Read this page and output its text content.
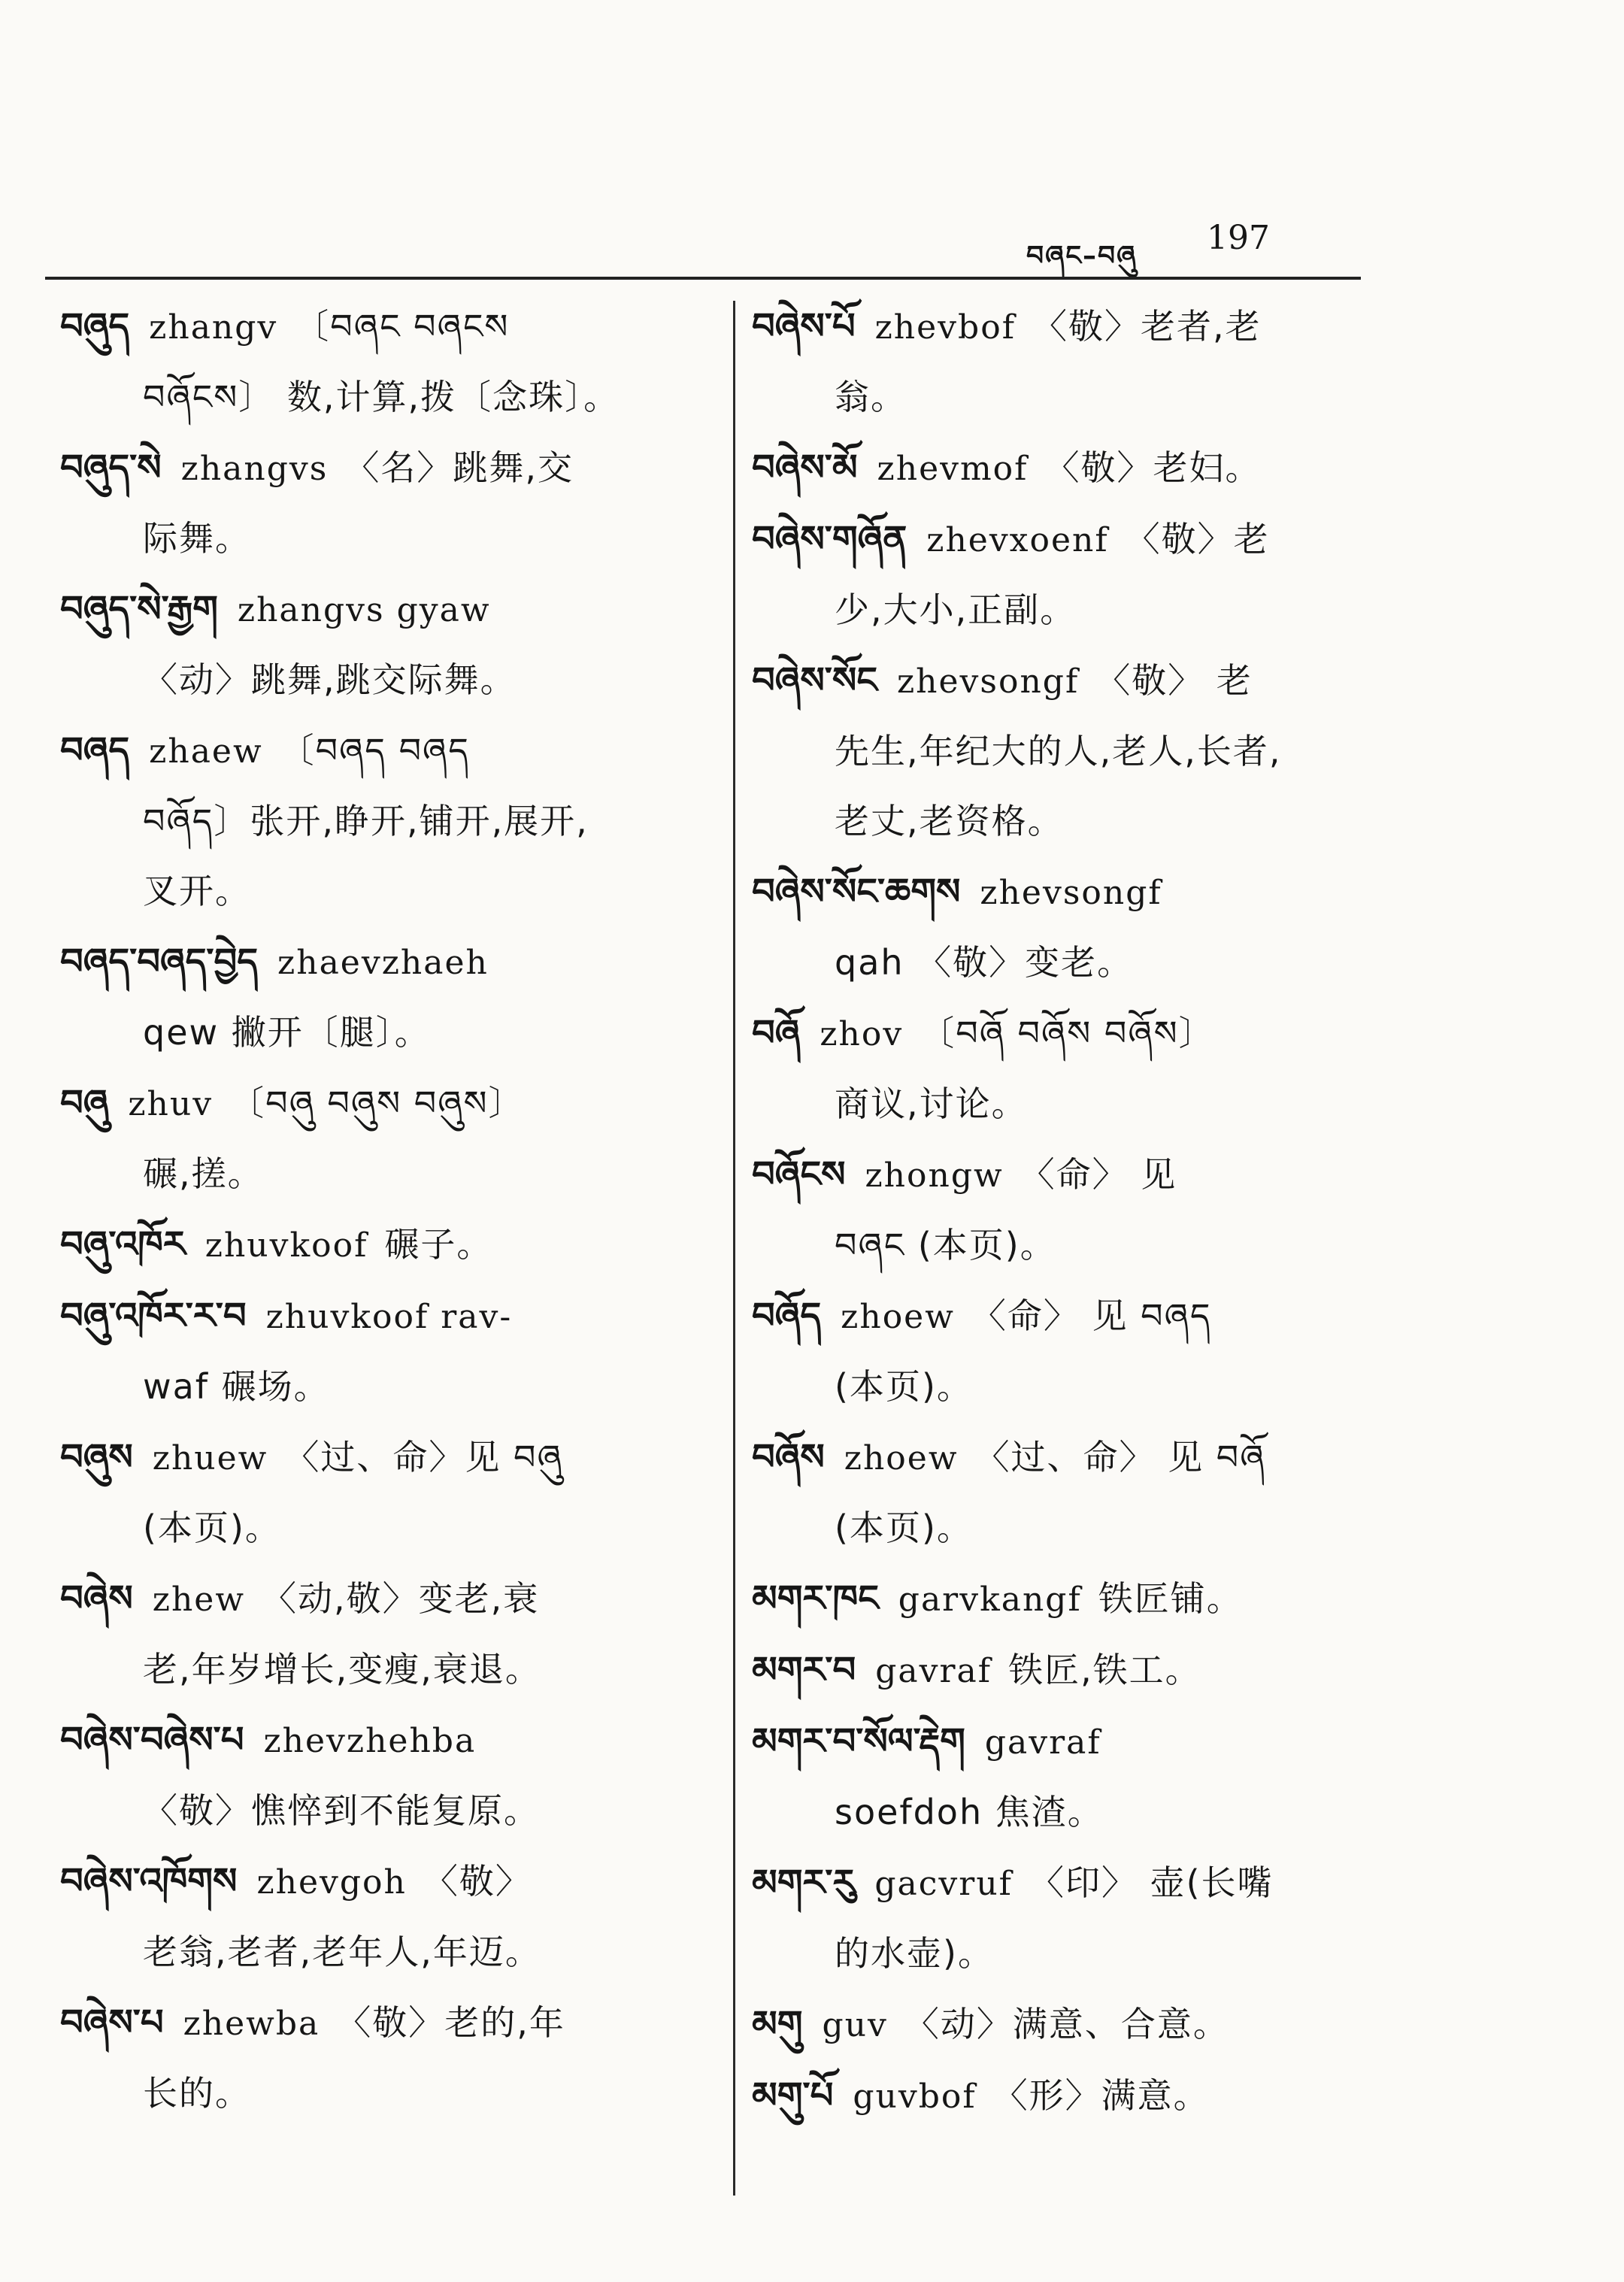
བཞང–བཞུ 197
བཞུད zhangv 〔བཞང བཞངས
བཞོངས〕 数,计算,拨〔念珠〕。
བཞུད་སེ zhangvs 〈名〉跳舞,交
际舞。
བཞུད་སེ་རྒྱག zhangvs gyaw
〈动〉跳舞,跳交际舞。
བཞད zhaew 〔བཞད བཞད
བཞོད〕张开,睁开,铺开,展开,
叉开。
བཞད་བཞད་བྱེད zhaevzhaeh
qew 撇开〔腿〕。
བཞུ zhuv 〔བཞུ བཞུས བཞུས〕
碾,搓。
བཞུ་འཁོར zhuvkoof 碾子。
བཞུ་འཁོར་ར་བ zhuvkoof rav-
waf 碾场。
བཞུས zhuew 〈过、命〉见 བཞུ
(本页)。
བཞེས zhew 〈动,敬〉变老,衰
老,年岁增长,变瘦,衰退。
བཞེས་བཞེས་པ zhevzhehba
〈敬〉憔悴到不能复原。
བཞེས་འཁོགས zhevgoh 〈敬〉
老翁,老者,老年人,年迈。
བཞེས་པ zhewba 〈敬〉老的,年
长的。
བཞེས་པོ zhevbof 〈敬〉老者,老
翁。
བཞེས་མོ zhevmof 〈敬〉老妇。
བཞེས་གཞོན zhevxoenf 〈敬〉老
少,大小,正副。
བཞེས་སོང zhevsongf 〈敬〉 老
先生,年纪大的人,老人,长者,
老丈,老资格。
བཞེས་སོང་ཆགས zhevsongf
qah 〈敬〉变老。
བཞོ zhov 〔བཞོ བཞོས བཞོས〕
商议,讨论。
བཞོངས zhongw 〈命〉 见
བཞང (本页)。
བཞོད zhoew 〈命〉 见 བཞད
(本页)。
བཞོས zhoew 〈过、命〉 见 བཞོ
(本页)。
མགར་ཁང garvkangf 铁匠铺。
མགར་བ gavraf 铁匠,铁工。
མགར་བ་སོལ་རྡེག gavraf
soefdoh 焦渣。
མགར་རུ gacvruf 〈印〉 壶(长嘴
的水壶)。
མགུ guv 〈动〉满意、合意。
མགུ་པོ guvbof 〈形〉满意。
